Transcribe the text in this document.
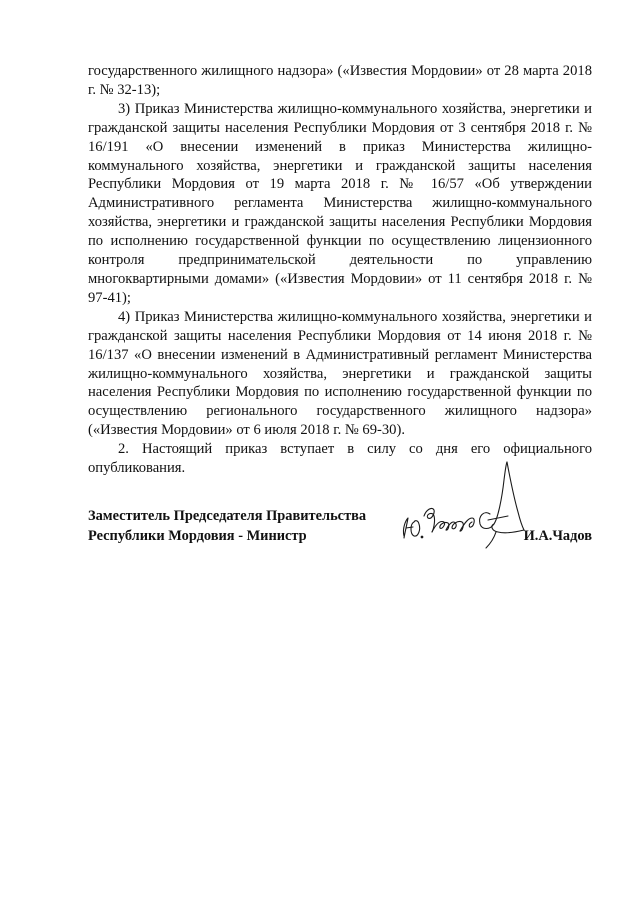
государственного жилищного надзора» («Известия Мордовии» от 28 марта 2018 г. № 32-13);

3) Приказ Министерства жилищно-коммунального хозяйства, энергетики и гражданской защиты населения Республики Мордовия от 3 сентября 2018 г. № 16/191 «О внесении изменений в приказ Министерства жилищно-коммунального хозяйства, энергетики и гражданской защиты населения Республики Мордовия от 19 марта 2018 г. № 16/57 «Об утверждении Административного регламента Министерства жилищно-коммунального хозяйства, энергетики и гражданской защиты населения Республики Мордовия по исполнению государственной функции по осуществлению лицензионного контроля предпринимательской деятельности по управлению многоквартирными домами» («Известия Мордовии» от 11 сентября 2018 г. № 97-41);

4) Приказ Министерства жилищно-коммунального хозяйства, энергетики и гражданской защиты населения Республики Мордовия от 14 июня 2018 г. № 16/137 «О внесении изменений в Административный регламент Министерства жилищно-коммунального хозяйства, энергетики и гражданской защиты населения Республики Мордовия по исполнению государственной функции по осуществлению регионального государственного жилищного надзора» («Известия Мордовии» от 6 июля 2018 г. № 69-30).

2. Настоящий приказ вступает в силу со дня его официального опубликования.

Заместитель Председателя Правительства
Республики Мордовия - Министр	И.А.Чадов
